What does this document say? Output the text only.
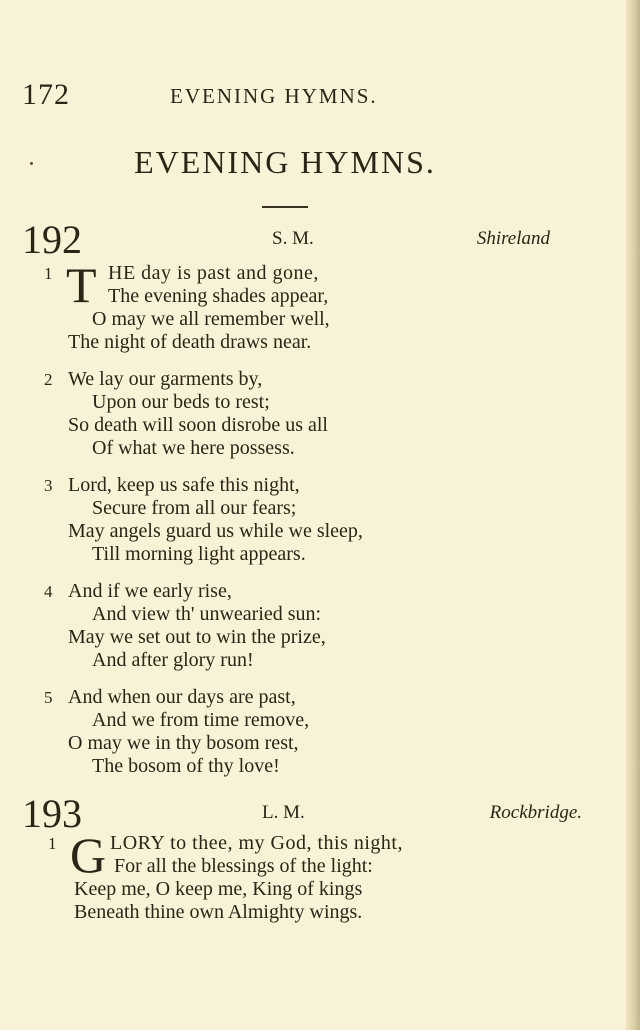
172	EVENING HYMNS.
EVENING HYMNS.
192	S. M.	Shireland
1 T HE day is past and gone,
The evening shades appear,
O may we all remember well,
The night of death draws near.
2 We lay our garments by,
Upon our beds to rest;
So death will soon disrobe us all
Of what we here possess.
3 Lord, keep us safe this night,
Secure from all our fears;
May angels guard us while we sleep,
Till morning light appears.
4 And if we early rise,
And view th' unwearied sun:
May we set out to win the prize,
And after glory run!
5 And when our days are past,
And we from time remove,
O may we in thy bosom rest,
The bosom of thy love!
193	L. M.	Rockbridge.
1 G LORY to thee, my God, this night,
For all the blessings of the light:
Keep me, O keep me, King of kings
Beneath thine own Almighty wings.
